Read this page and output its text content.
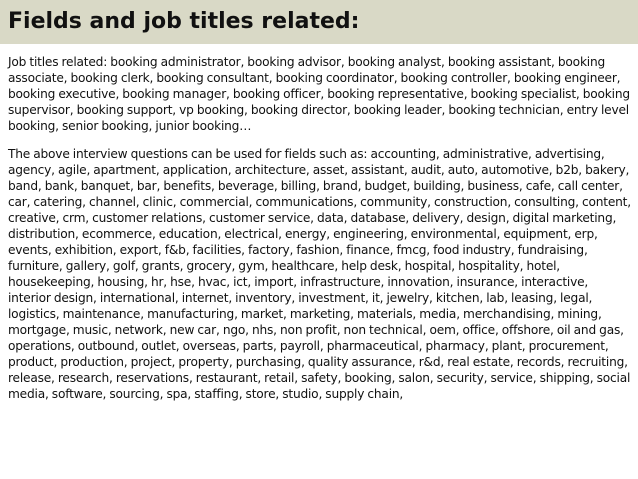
Fields and job titles related:

Job titles related: booking administrator, booking advisor, booking analyst, booking assistant, booking associate, booking clerk, booking consultant, booking coordinator, booking controller, booking engineer, booking executive, booking manager, booking officer, booking representative, booking specialist, booking supervisor, booking support, vp booking, booking director, booking leader, booking technician, entry level booking, senior booking, junior booking…

The above interview questions can be used for fields such as: accounting, administrative, advertising, agency, agile, apartment, application, architecture, asset, assistant, audit, auto, automotive, b2b, bakery, band, bank, banquet, bar, benefits, beverage, billing, brand, budget, building, business, cafe, call center, car, catering, channel, clinic, commercial, communications, community, construction, consulting, content, creative, crm, customer relations, customer service, data, database, delivery, design, digital marketing, distribution, ecommerce, education, electrical, energy, engineering, environmental, equipment, erp, events, exhibition, export, f&b, facilities, factory, fashion, finance, fmcg, food industry, fundraising, furniture, gallery, golf, grants, grocery, gym, healthcare, help desk, hospital, hospitality, hotel, housekeeping, housing, hr, hse, hvac, ict, import, infrastructure, innovation, insurance, interactive, interior design, international, internet, inventory, investment, it, jewelry, kitchen, lab, leasing, legal, logistics, maintenance, manufacturing, market, marketing, materials, media, merchandising, mining, mortgage, music, network, new car, ngo, nhs, non profit, non technical, oem, office, offshore, oil and gas, operations, outbound, outlet, overseas, parts, payroll, pharmaceutical, pharmacy, plant, procurement, product, production, project, property, purchasing, quality assurance, r&d, real estate, records, recruiting, release, research, reservations, restaurant, retail, safety, booking, salon, security, service, shipping, social media, software, sourcing, spa, staffing, store, studio, supply chain,
